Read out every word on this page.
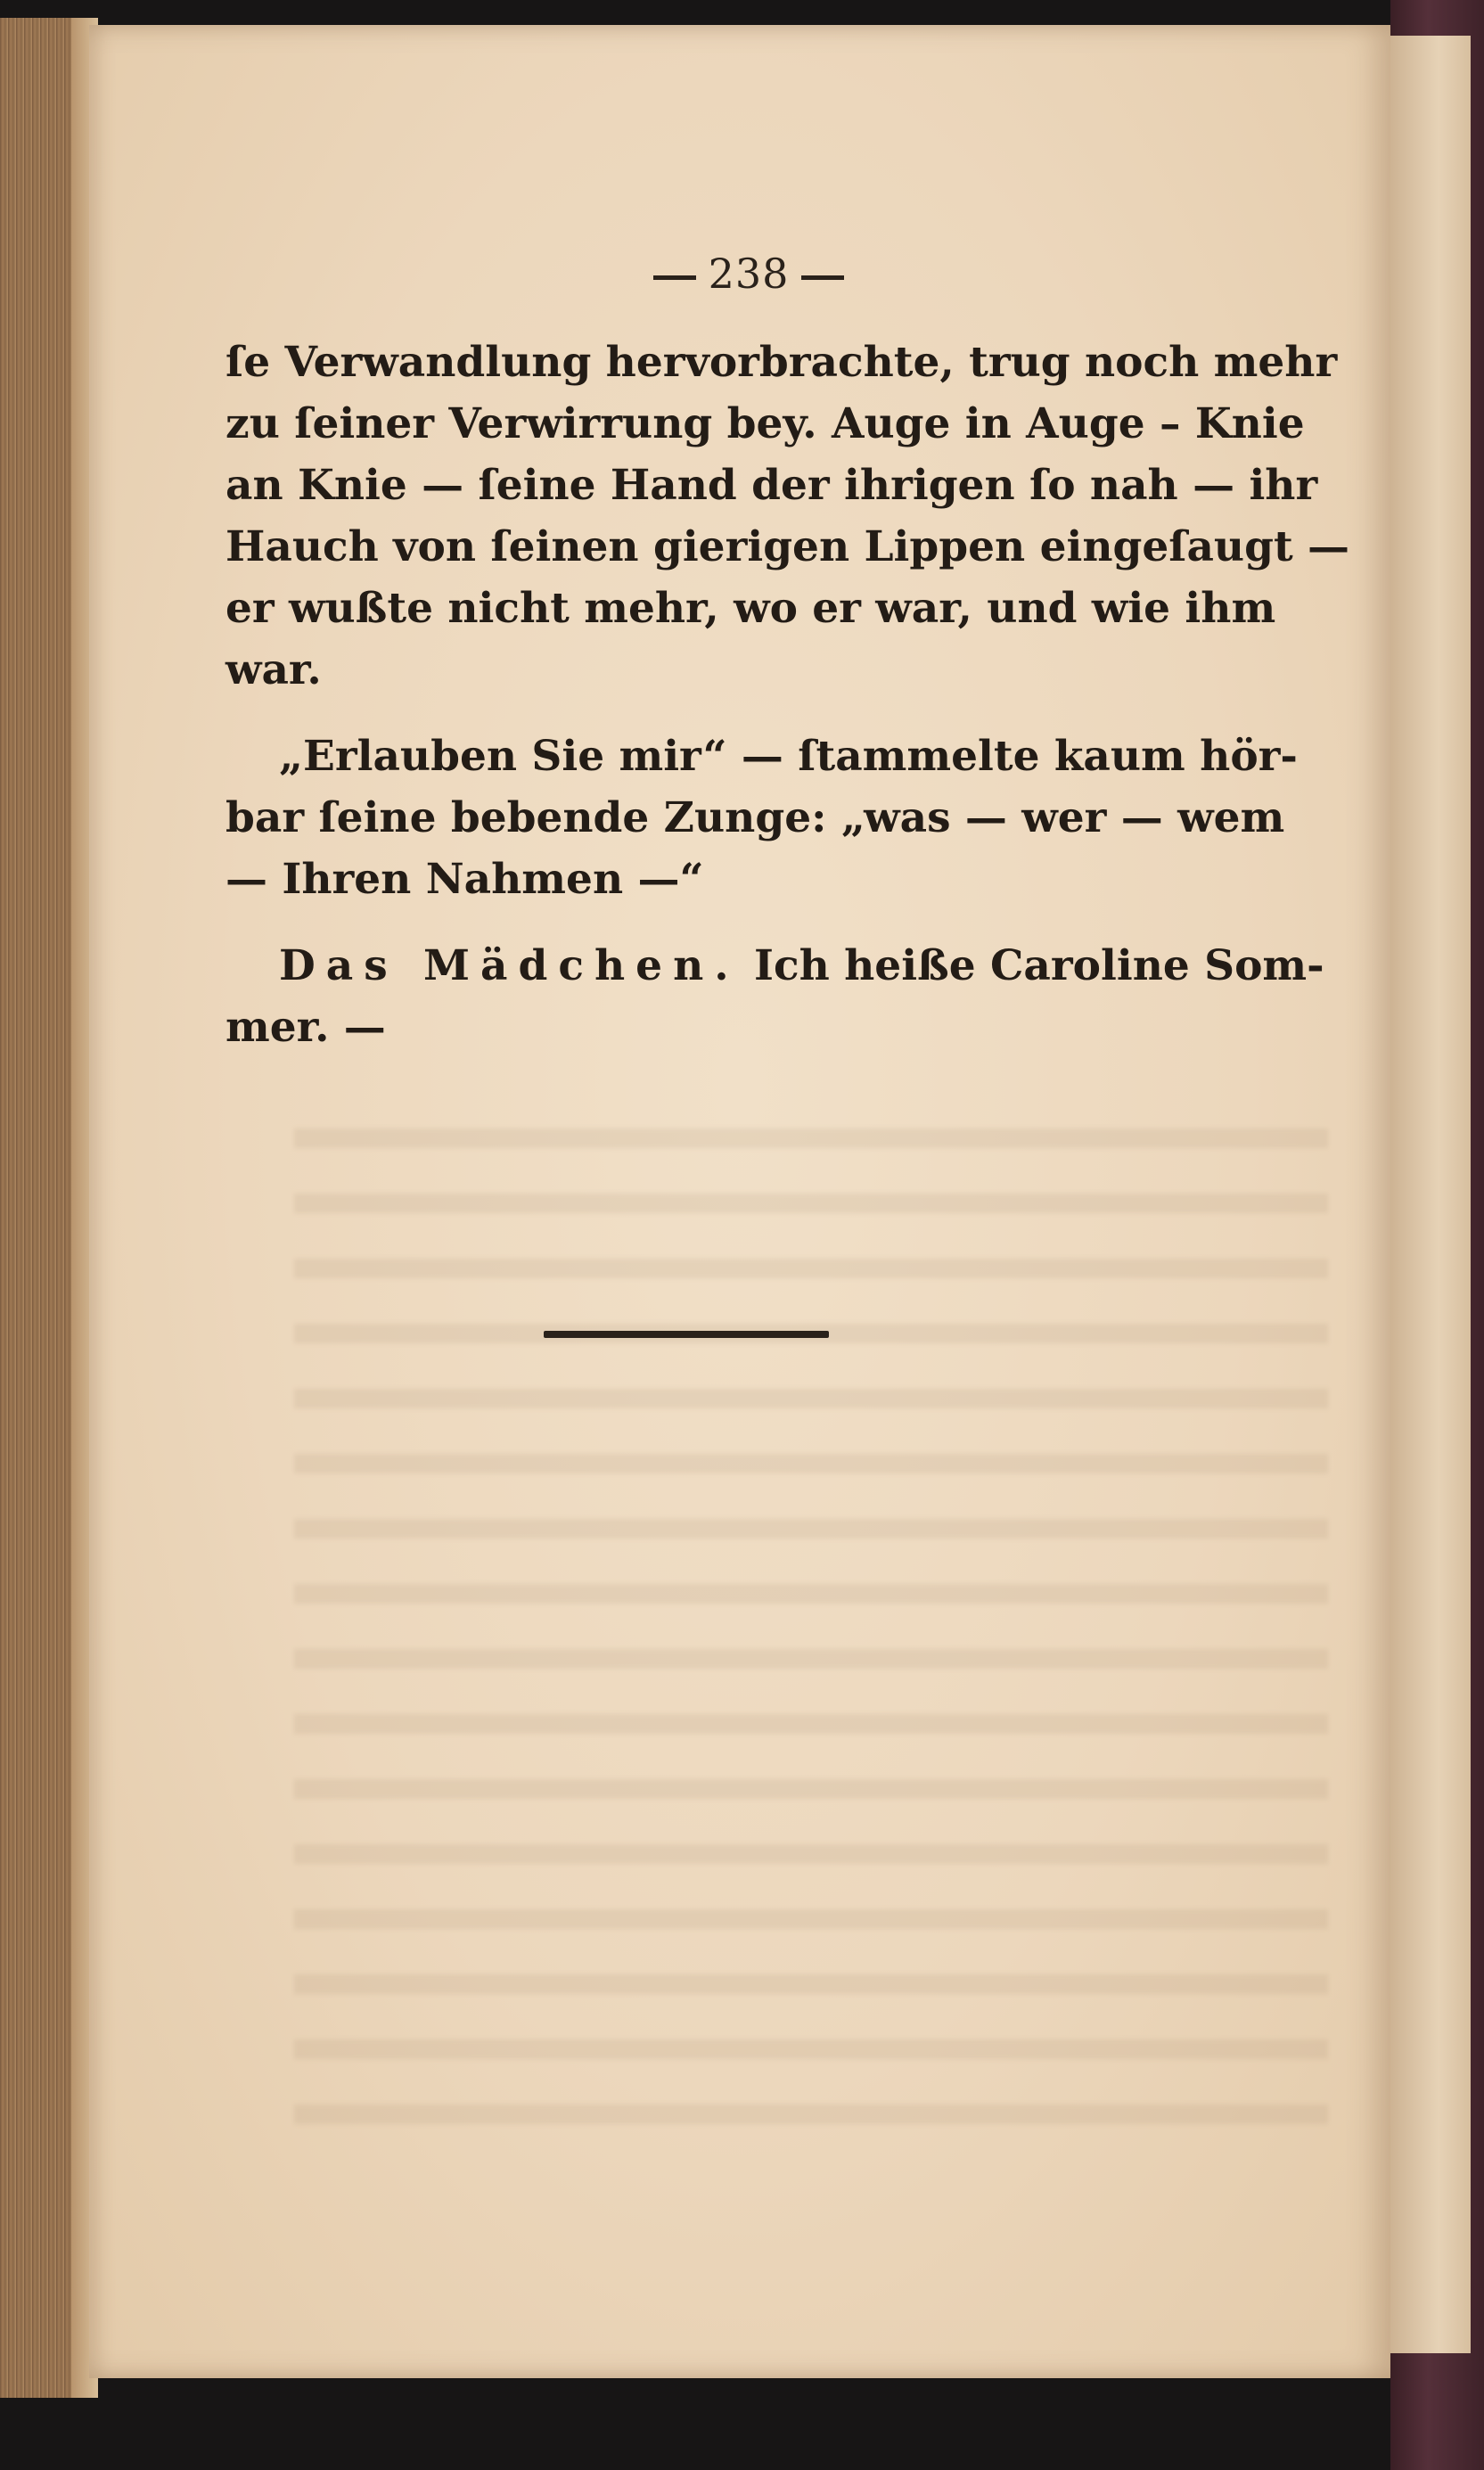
238
ſe Verwandlung hervorbrachte, trug noch mehr
zu ſeiner Verwirrung bey. Auge in Auge – Knie
an Knie — ſeine Hand der ihrigen ſo nah — ihr
Hauch von ſeinen gierigen Lippen eingeſaugt —
er wußte nicht mehr, wo er war, und wie ihm
war.
„Erlauben Sie mir“ — ſtammelte kaum hör-
bar ſeine bebende Zunge: „was — wer — wem
— Ihren Nahmen —“
Das Mädchen. Ich heiße Caroline Som-
mer. —
